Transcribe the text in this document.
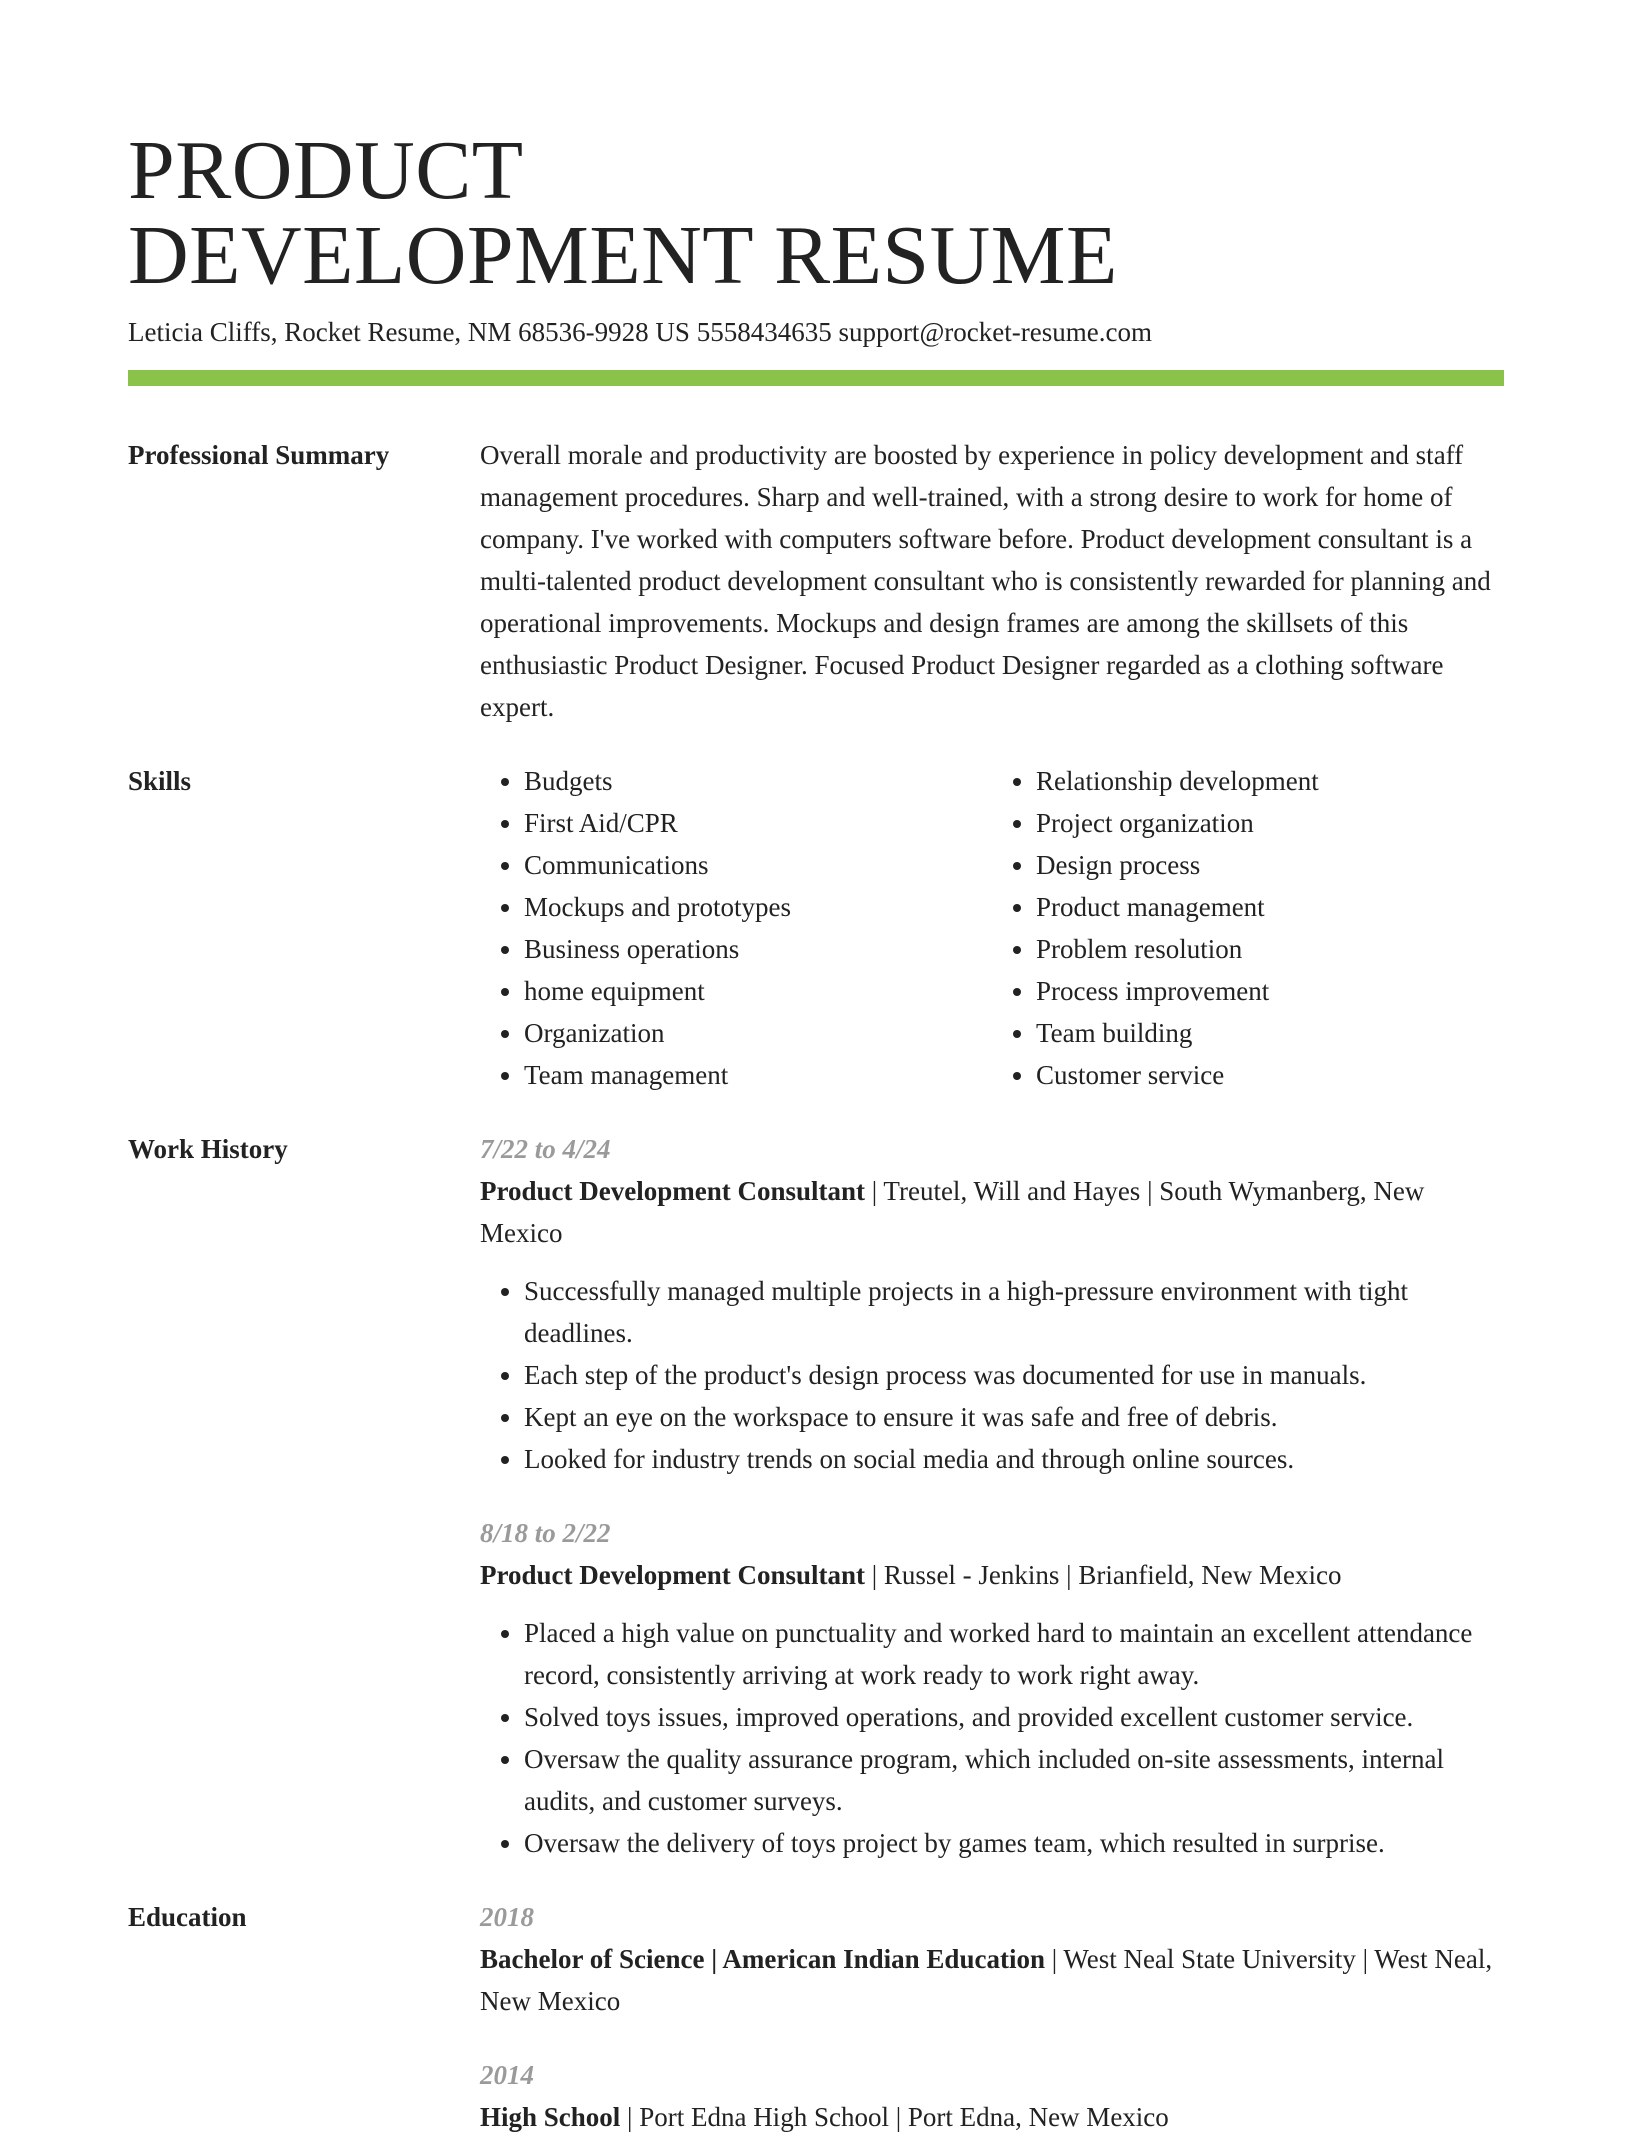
PRODUCT
DEVELOPMENT RESUME
Leticia Cliffs, Rocket Resume, NM 68536-9928 US 5558434635 support@rocket-resume.com
Professional Summary	Overall morale and productivity are boosted by experience in policy development and staff management procedures. Sharp and well-trained, with a strong desire to work for home of company. I've worked with computers software before. Product development consultant is a multi-talented product development consultant who is consistently rewarded for planning and operational improvements. Mockups and design frames are among the skillsets of this enthusiastic Product Designer. Focused Product Designer regarded as a clothing software expert.

Skills
•	Budgets
• First Aid/CPR
• Communications
• Mockups and prototypes
• Business operations
• home equipment
• Organization
• Team management
• Relationship development
• Project organization
• Design process
• Product management
• Problem resolution
• Process improvement
• Team building
• Customer service
Work History	7/22 to 4/24
Product Development Consultant | Treutel, Will and Hayes | South Wymanberg, New Mexico
• Successfully managed multiple projects in a high-pressure environment with tight deadlines.
• Each step of the product's design process was documented for use in manuals.
• Kept an eye on the workspace to ensure it was safe and free of debris.
• Looked for industry trends on social media and through online sources.
8/18 to 2/22
Product Development Consultant | Russel - Jenkins | Brianfield, New Mexico
• Placed a high value on punctuality and worked hard to maintain an excellent attendance record, consistently arriving at work ready to work right away.
• Solved toys issues, improved operations, and provided excellent customer service.
• Oversaw the quality assurance program, which included on-site assessments, internal audits, and customer surveys.
• Oversaw the delivery of toys project by games team, which resulted in surprise.
Education	2018
Bachelor of Science | American Indian Education | West Neal State University | West Neal, New Mexico
2014
High School | Port Edna High School | Port Edna, New Mexico
